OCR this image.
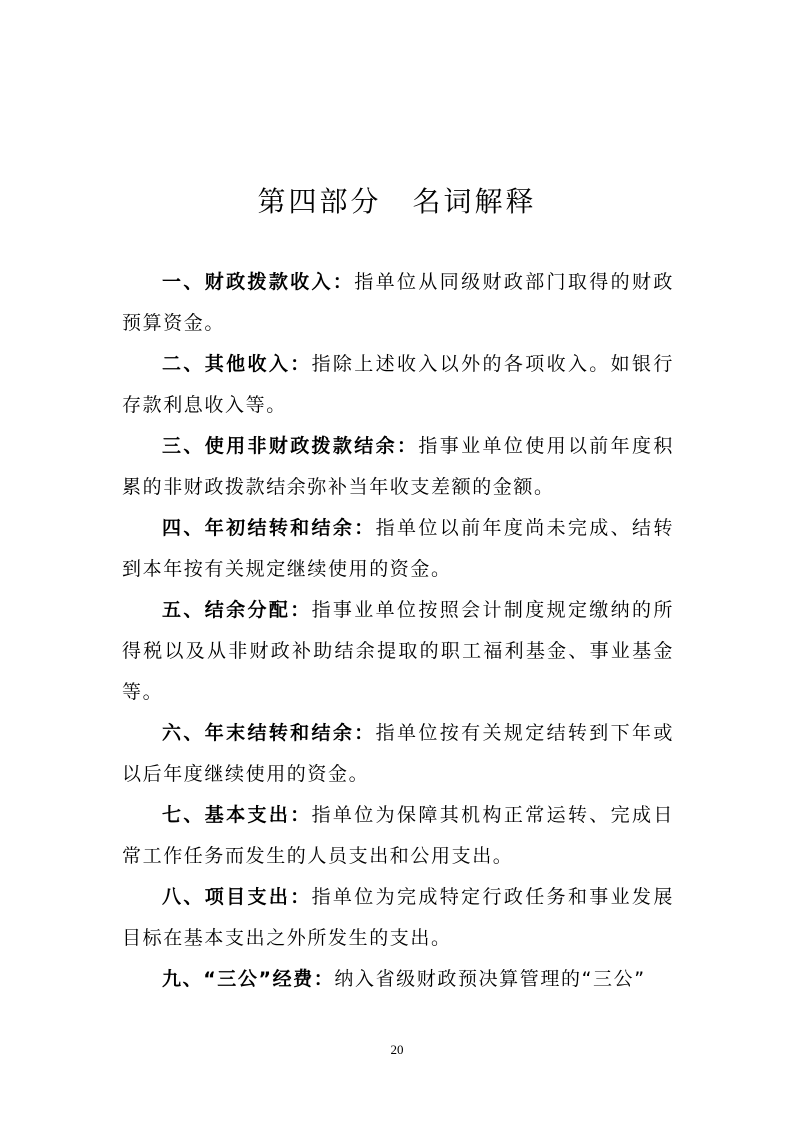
第四部分　名词解释

一、财政拨款收入：指单位从同级财政部门取得的财政预算资金。

二、其他收入：指除上述收入以外的各项收入。如银行存款利息收入等。

三、使用非财政拨款结余：指事业单位使用以前年度积累的非财政拨款结余弥补当年收支差额的金额。

四、年初结转和结余：指单位以前年度尚未完成、结转到本年按有关规定继续使用的资金。

五、结余分配：指事业单位按照会计制度规定缴纳的所得税以及从非财政补助结余提取的职工福利基金、事业基金等。

六、年末结转和结余：指单位按有关规定结转到下年或以后年度继续使用的资金。

七、基本支出：指单位为保障其机构正常运转、完成日常工作任务而发生的人员支出和公用支出。

八、项目支出：指单位为完成特定行政任务和事业发展目标在基本支出之外所发生的支出。

九、“三公”经费：纳入省级财政预决算管理的“三公”

20
